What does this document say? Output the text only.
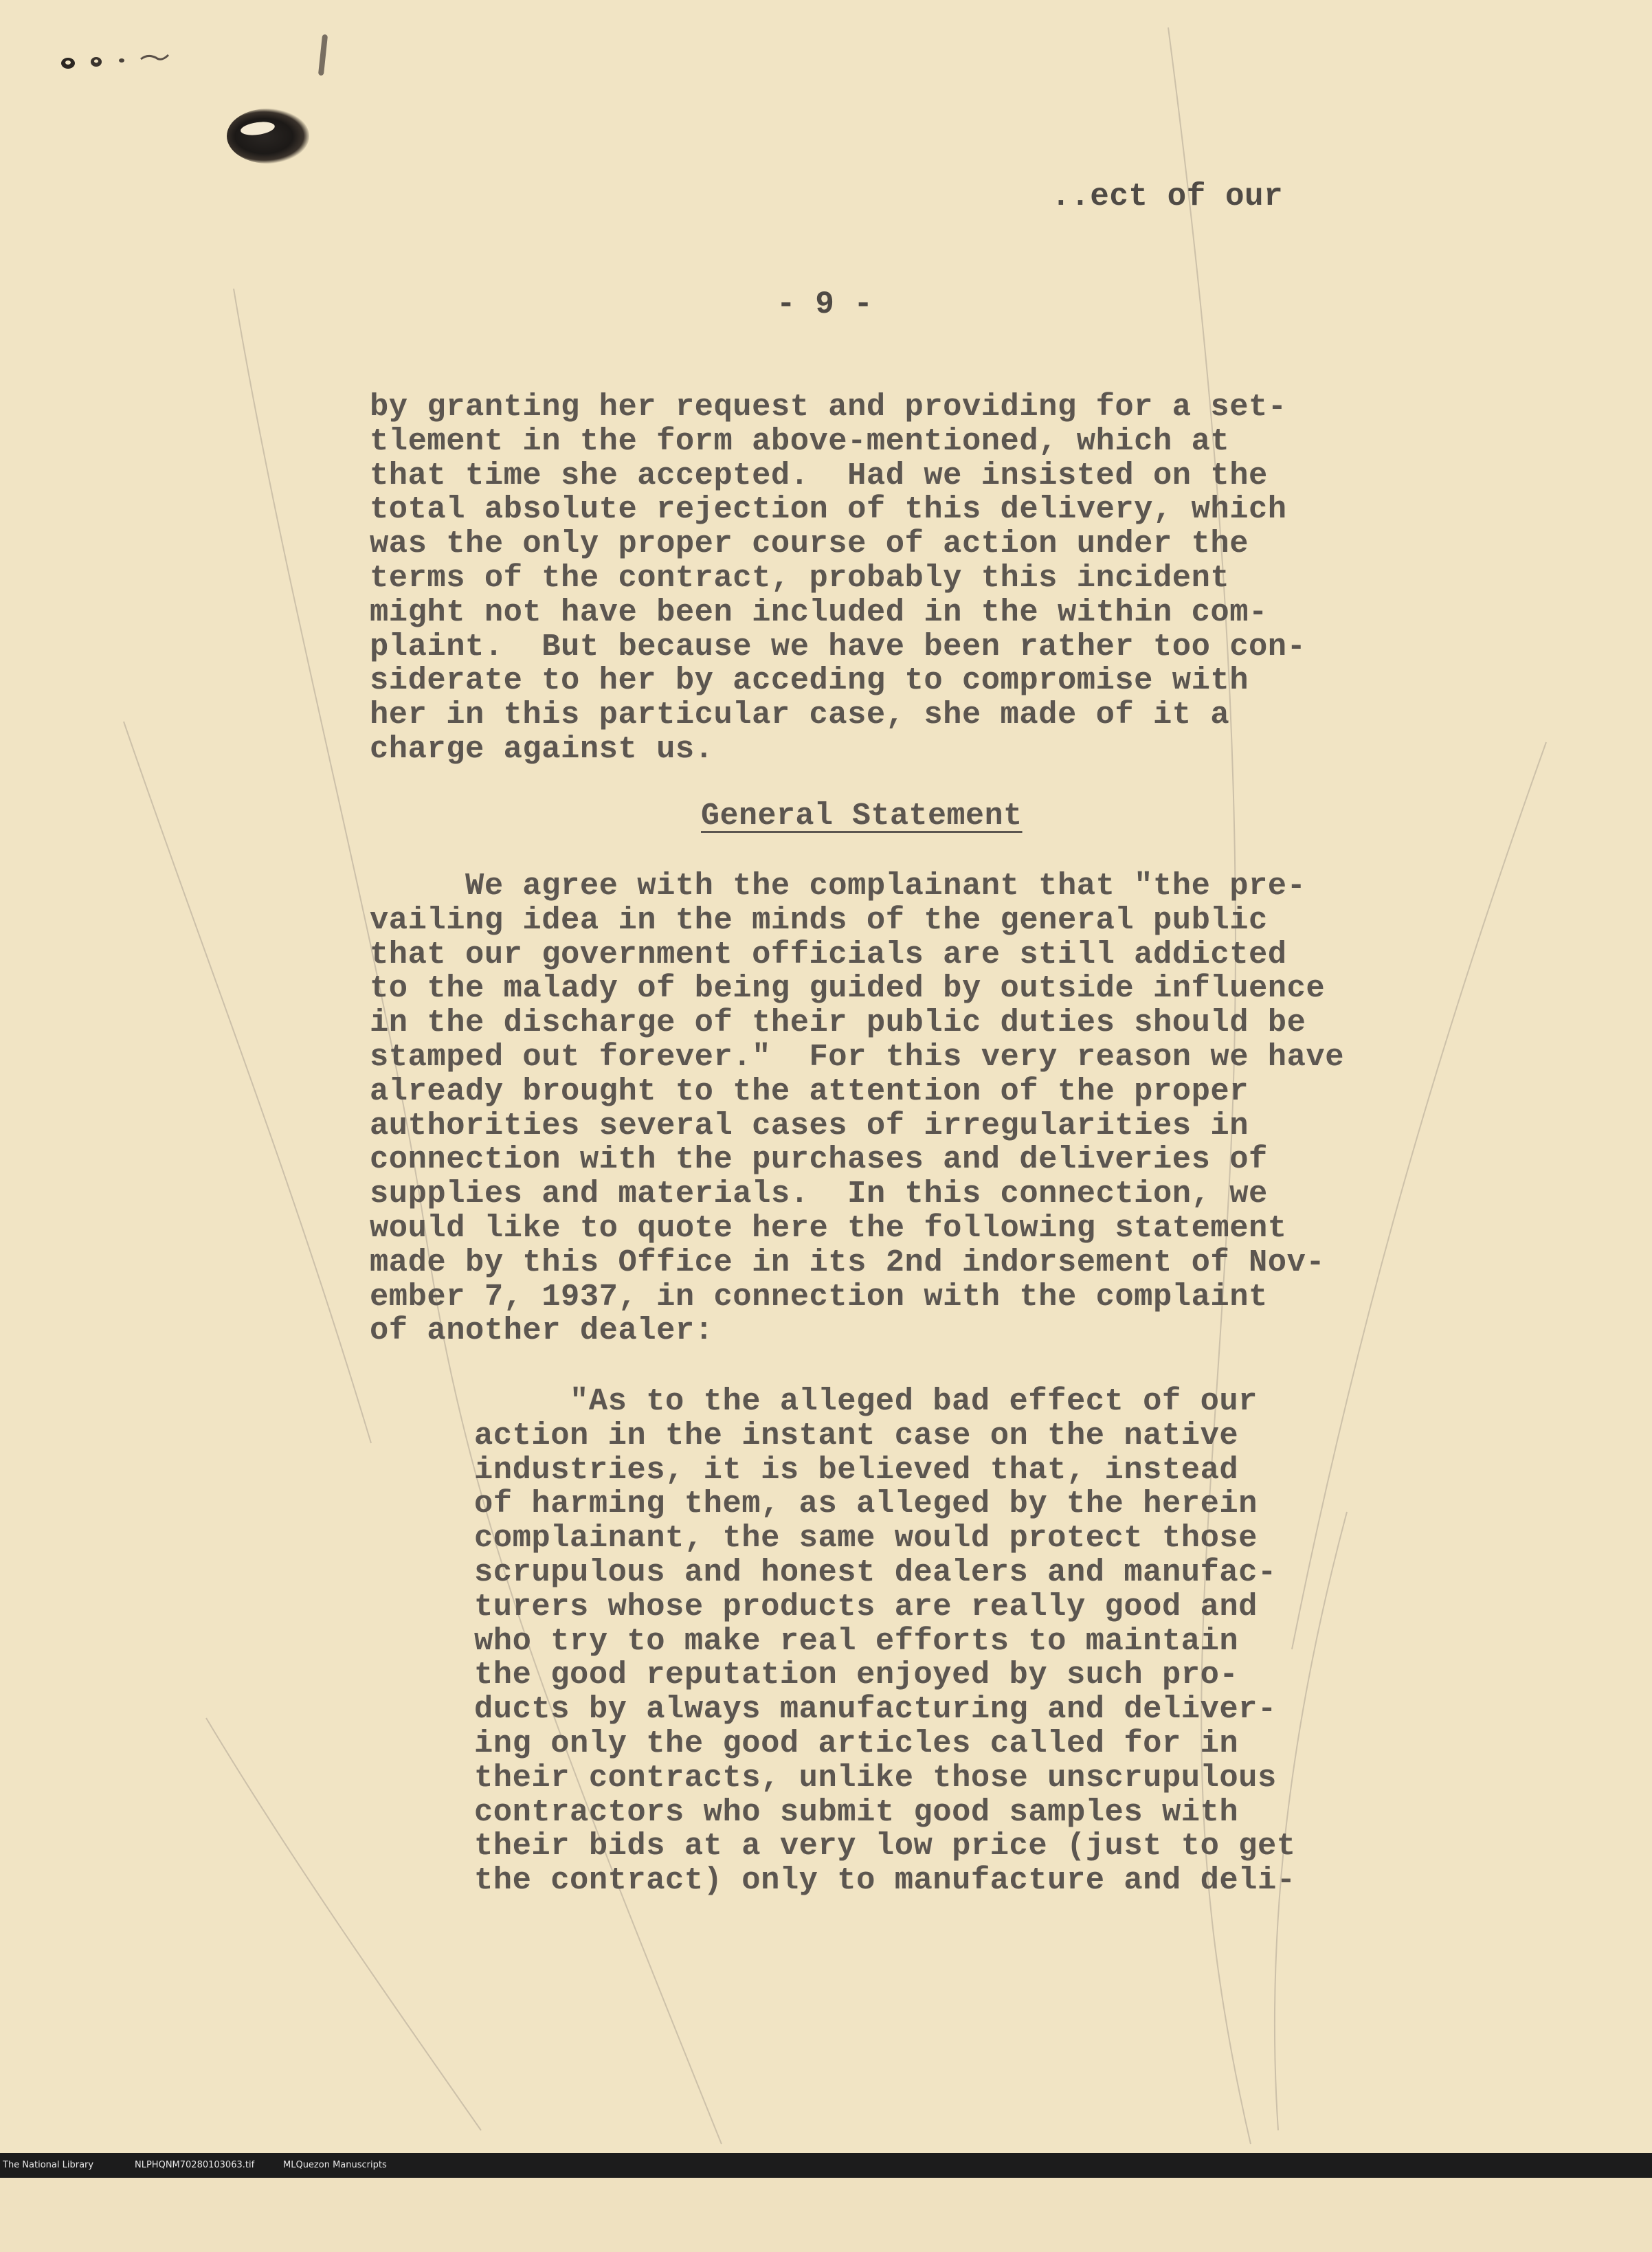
..ect of our
- 9 -
by granting her request and providing for a set-
tlement in the form above-mentioned, which at
that time she accepted.  Had we insisted on the
total absolute rejection of this delivery, which
was the only proper course of action under the
terms of the contract, probably this incident
might not have been included in the within com-
plaint.  But because we have been rather too con-
siderate to her by acceding to compromise with
her in this particular case, she made of it a
charge against us.
General Statement
We agree with the complainant that "the pre-
vailing idea in the minds of the general public
that our government officials are still addicted
to the malady of being guided by outside influence
in the discharge of their public duties should be
stamped out forever."  For this very reason we have
already brought to the attention of the proper
authorities several cases of irregularities in
connection with the purchases and deliveries of
supplies and materials.  In this connection, we
would like to quote here the following statement
made by this Office in its 2nd indorsement of Nov-
ember 7, 1937, in connection with the complaint
of another dealer:
"As to the alleged bad effect of our
action in the instant case on the native
industries, it is believed that, instead
of harming them, as alleged by the herein
complainant, the same would protect those
scrupulous and honest dealers and manufac-
turers whose products are really good and
who try to make real efforts to maintain
the good reputation enjoyed by such pro-
ducts by always manufacturing and deliver-
ing only the good articles called for in
their contracts, unlike those unscrupulous
contractors who submit good samples with
their bids at a very low price (just to get
the contract) only to manufacture and deli-

The National Library

	NLPHQNM70280103063.tif

	MLQuezon Manuscripts
